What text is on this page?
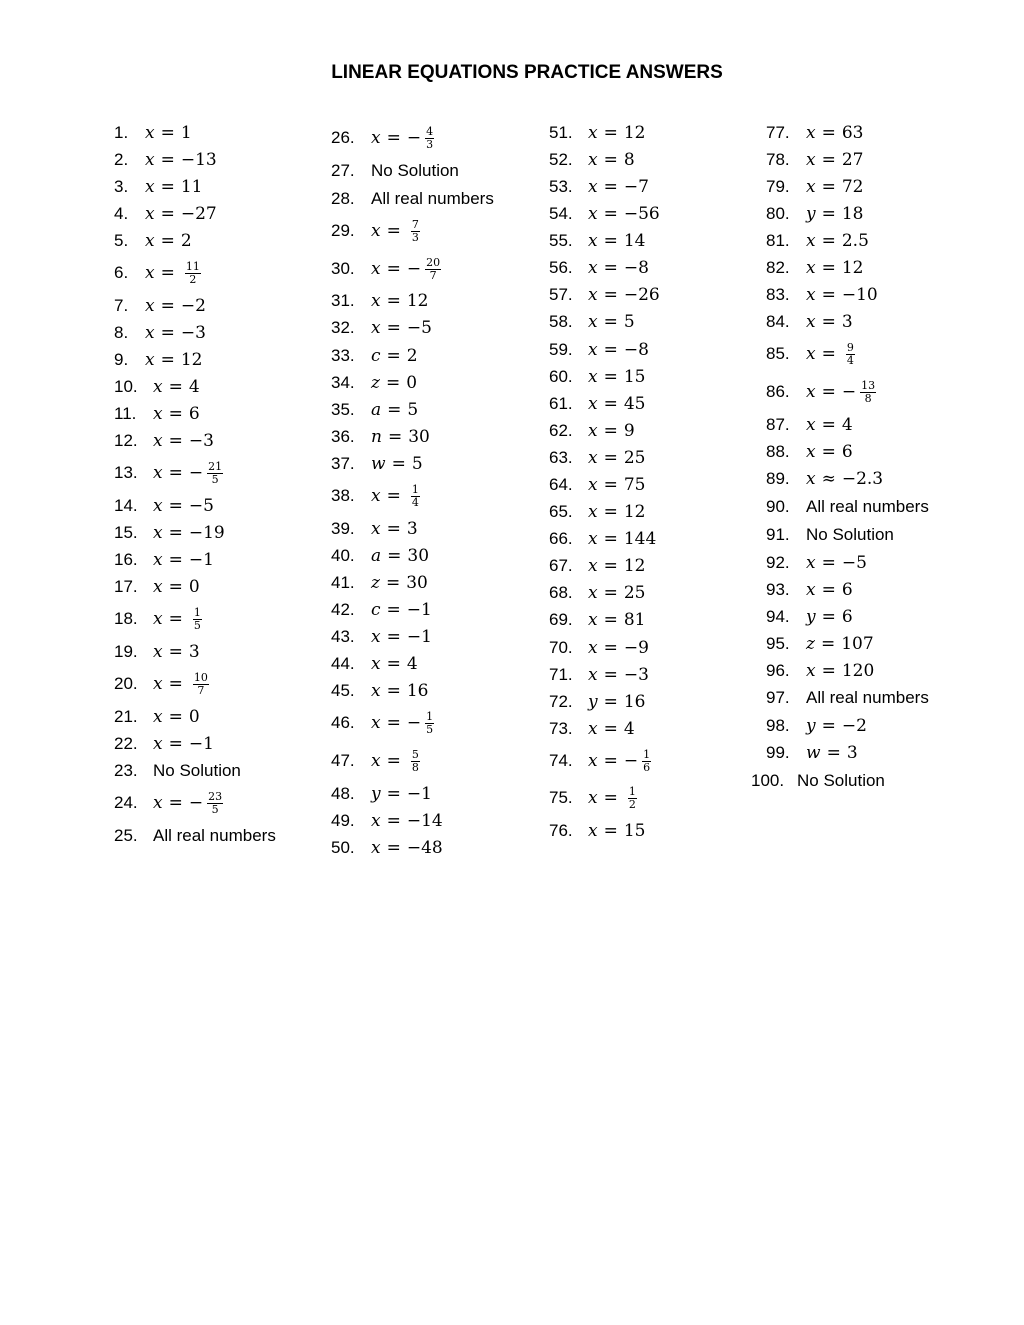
LINEAR EQUATIONS PRACTICE ANSWERS
1. x = 1
2. x = −13
3. x = 11
4. x = −27
5. x = 2
6. $x = \frac{11}{2}$
7. x = −2
8. x = −3
9. x = 12
10. x = 4
11. x = 6
12. x = −3
13. x = − $\frac{21}{5}$
14. x = −5
15. x = −19
16. x = −1
17. x = 0
18. $x = \frac{1}{5}$
19. x = 3
20. $x = \frac{10}{7}$
21. x = 0
22. x = −1
23. No Solution
24. x = − $\frac{23}{5}$
25. All real numbers
26. x = − $\frac{4}{3}$
27. No Solution
28. All real numbers
29. $x = \frac{7}{3}$
30. x = − $\frac{20}{7}$
31. x = 12
32. x = −5
33. c = 2
34. z = 0
35. a = 5
36. n = 30
37. w = 5
38. $x = \frac{1}{4}$
39. x = 3
40. a = 30
41. z = 30
42. c = −1
43. x = −1
44. x = 4
45. x = 16
46. x = − $\frac{1}{5}$
47. $x = \frac{5}{8}$
48. y = −1
49. x = −14
50. x = −48
51. x = 12
52. x = 8
53. x = −7
54. x = −56
55. x = 14
56. x = −8
57. x = −26
58. x = 5
59. x = −8
60. x = 15
61. x = 45
62. x = 9
63. x = 25
64. x = 75
65. x = 12
66. x = 144
67. x = 12
68. x = 25
69. x = 81
70. x = −9
71. x = −3
72. y = 16
73. x = 4
74. x = − $\frac{1}{6}$
75. $x = \frac{1}{2}$
76. x = 15
77. x = 63
78. x = 27
79. x = 72
80. y = 18
81. x = 2.5
82. x = 12
83. x = −10
84. x = 3
85. $x = \frac{9}{4}$
86. x = − $\frac{13}{8}$
87. x = 4
88. x = 6
89. x ≈ −2.3
90. All real numbers
91. No Solution
92. x = −5
93. x = 6
94. y = 6
95. z = 107
96. x = 120
97. All real numbers
98. y = −2
99. w = 3
100. No Solution
